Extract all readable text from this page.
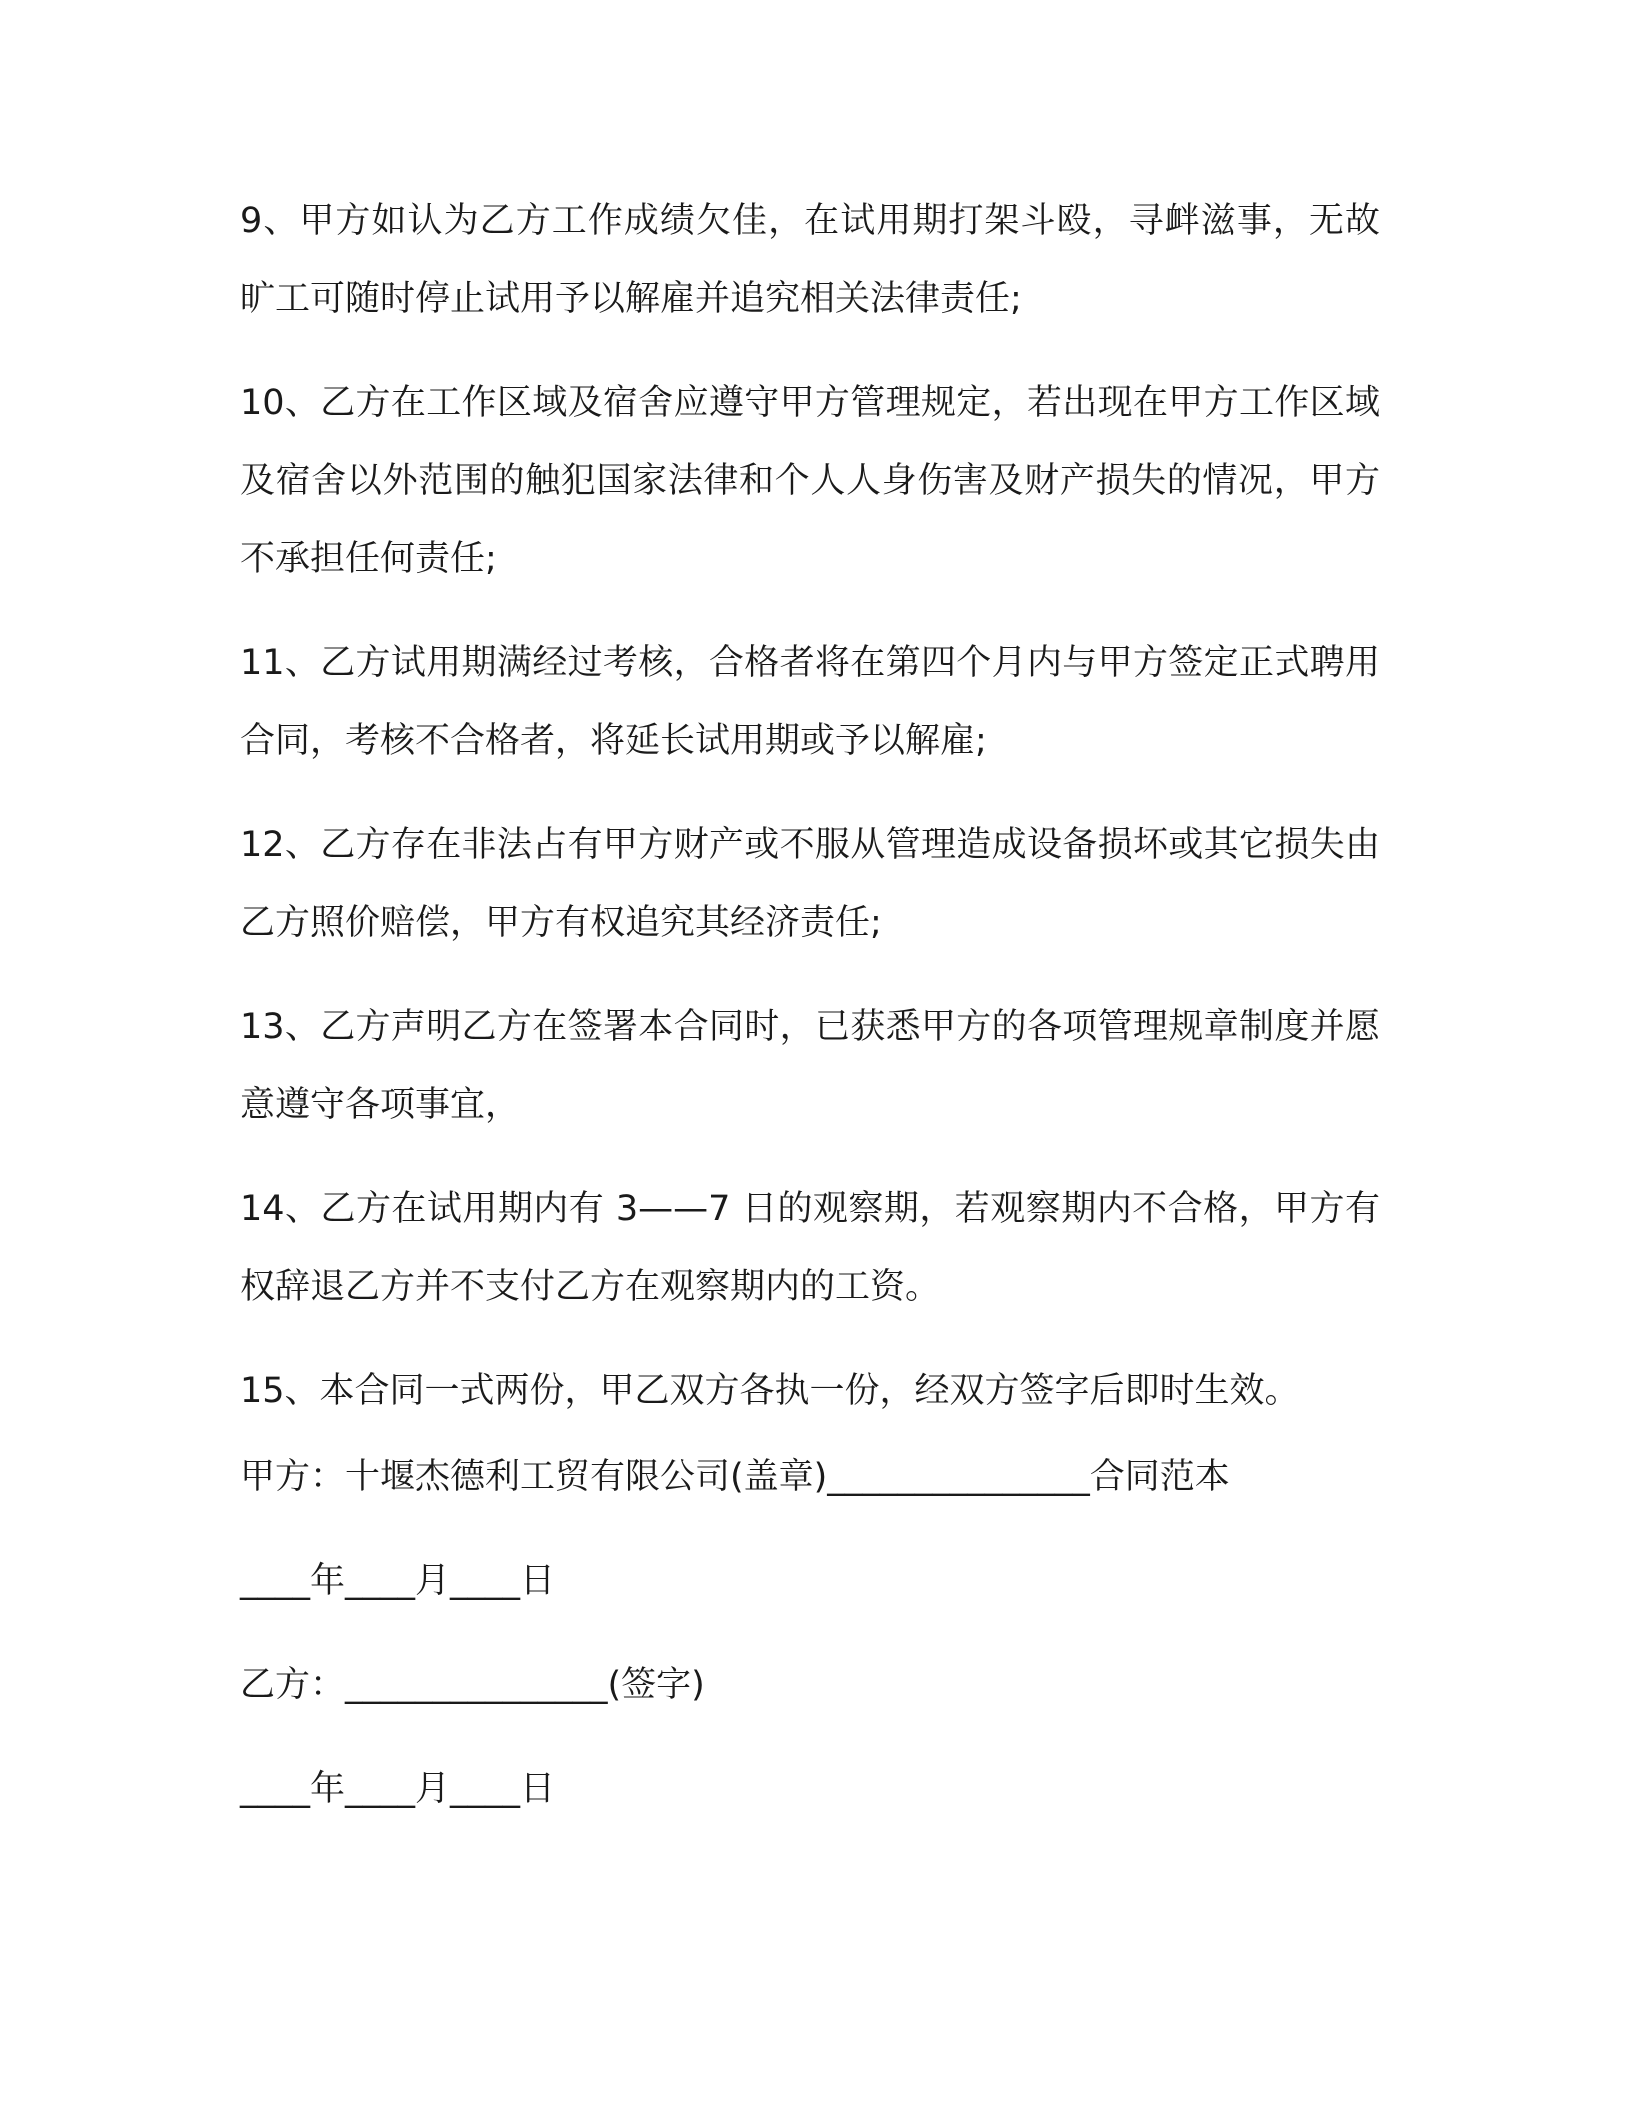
9、甲方如认为乙方工作成绩欠佳，在试用期打架斗殴，寻衅滋事，无故旷工可随时停止试用予以解雇并追究相关法律责任;

10、乙方在工作区域及宿舍应遵守甲方管理规定，若出现在甲方工作区域及宿舍以外范围的触犯国家法律和个人人身伤害及财产损失的情况，甲方不承担任何责任;

11、乙方试用期满经过考核，合格者将在第四个月内与甲方签定正式聘用合同，考核不合格者，将延长试用期或予以解雇;

12、乙方存在非法占有甲方财产或不服从管理造成设备损坏或其它损失由乙方照价赔偿，甲方有权追究其经济责任;

13、乙方声明乙方在签署本合同时，已获悉甲方的各项管理规章制度并愿意遵守各项事宜，

14、乙方在试用期内有 3——7 日的观察期，若观察期内不合格，甲方有权辞退乙方并不支付乙方在观察期内的工资。

15、本合同一式两份，甲乙双方各执一份，经双方签字后即时生效。

甲方：十堰杰德利工贸有限公司(盖章)_______________合同范本

____年____月____日

乙方：_______________(签字)

____年____月____日
